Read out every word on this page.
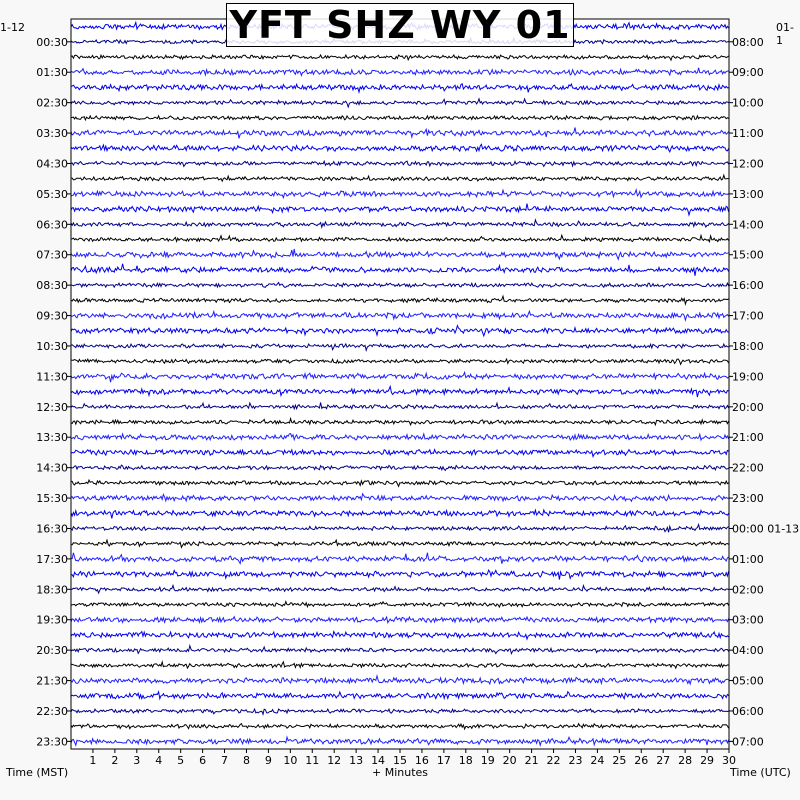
1 2 3 4 5 6 7 8 9 10 11 12 13 14 15 16 17 18 19 20 21 22 23 24 25 26 27 28 29 30
00:30
01:30
02:30
03:30
04:30
05:30
06:30
07:30
08:30
09:30
10:30
11:30
12:30
13:30
14:30
15:30
16:30
17:30
18:30
19:30
20:30
21:30
22:30
23:30
08:00
09:00
10:00
11:00
12:00
13:00
14:00
15:00
16:00
17:00
18:00
19:00
20:00
21:00
22:00
23:00
00:00 01-13
01:00
02:00
03:00
04:00
05:00
06:00
07:00
YFT SHZ WY 01
1-12	01-1
Time (MST)	+ Minutes	Time (UTC)
